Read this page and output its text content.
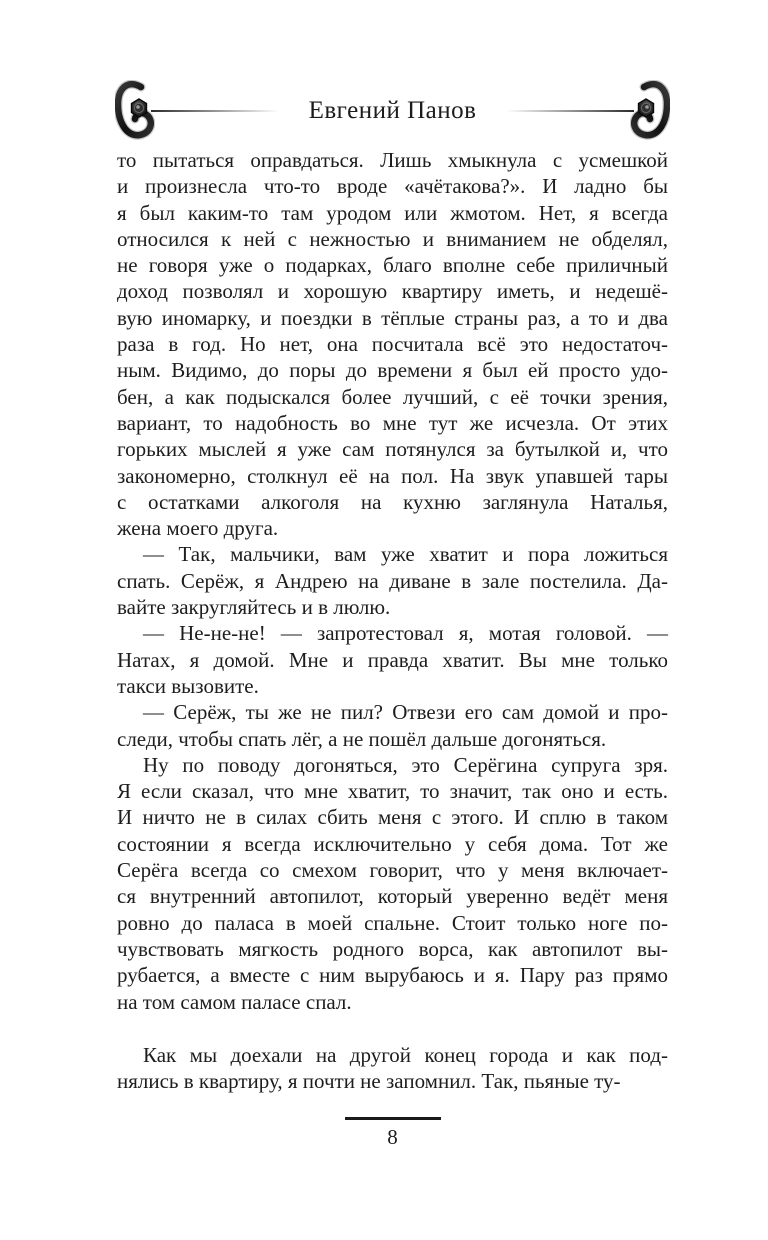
Евгений Панов
то пытаться оправдаться. Лишь хмыкнула с усмешкой
и произнесла что-то вроде «ачётакова?». И ладно бы
я был каким-то там уродом или жмотом. Нет, я всегда
относился к ней с нежностью и вниманием не обделял,
не говоря уже о подарках, благо вполне себе приличный
доход позволял и хорошую квартиру иметь, и недешё-
вую иномарку, и поездки в тёплые страны раз, а то и два
раза в год. Но нет, она посчитала всё это недостаточ-
ным. Видимо, до поры до времени я был ей просто удо-
бен, а как подыскался более лучший, с её точки зрения,
вариант, то надобность во мне тут же исчезла. От этих
горьких мыслей я уже сам потянулся за бутылкой и, что
закономерно, столкнул её на пол. На звук упавшей тары
с остатками алкоголя на кухню заглянула Наталья,
жена моего друга.
— Так, мальчики, вам уже хватит и пора ложиться
спать. Серёж, я Андрею на диване в зале постелила. Да-
вайте закругляйтесь и в люлю.
— Не-не-не! — запротестовал я, мотая головой. —
Натах, я домой. Мне и правда хватит. Вы мне только
такси вызовите.
— Серёж, ты же не пил? Отвези его сам домой и про-
следи, чтобы спать лёг, а не пошёл дальше догоняться.
Ну по поводу догоняться, это Серёгина супруга зря.
Я если сказал, что мне хватит, то значит, так оно и есть.
И ничто не в силах сбить меня с этого. И сплю в таком
состоянии я всегда исключительно у себя дома. Тот же
Серёга всегда со смехом говорит, что у меня включает-
ся внутренний автопилот, который уверенно ведёт меня
ровно до паласа в моей спальне. Стоит только ноге по-
чувствовать мягкость родного ворса, как автопилот вы-
рубается, а вместе с ним вырубаюсь и я. Пару раз прямо
на том самом паласе спал.
Как мы доехали на другой конец города и как под-
нялись в квартиру, я почти не запомнил. Так, пьяные ту-
8
